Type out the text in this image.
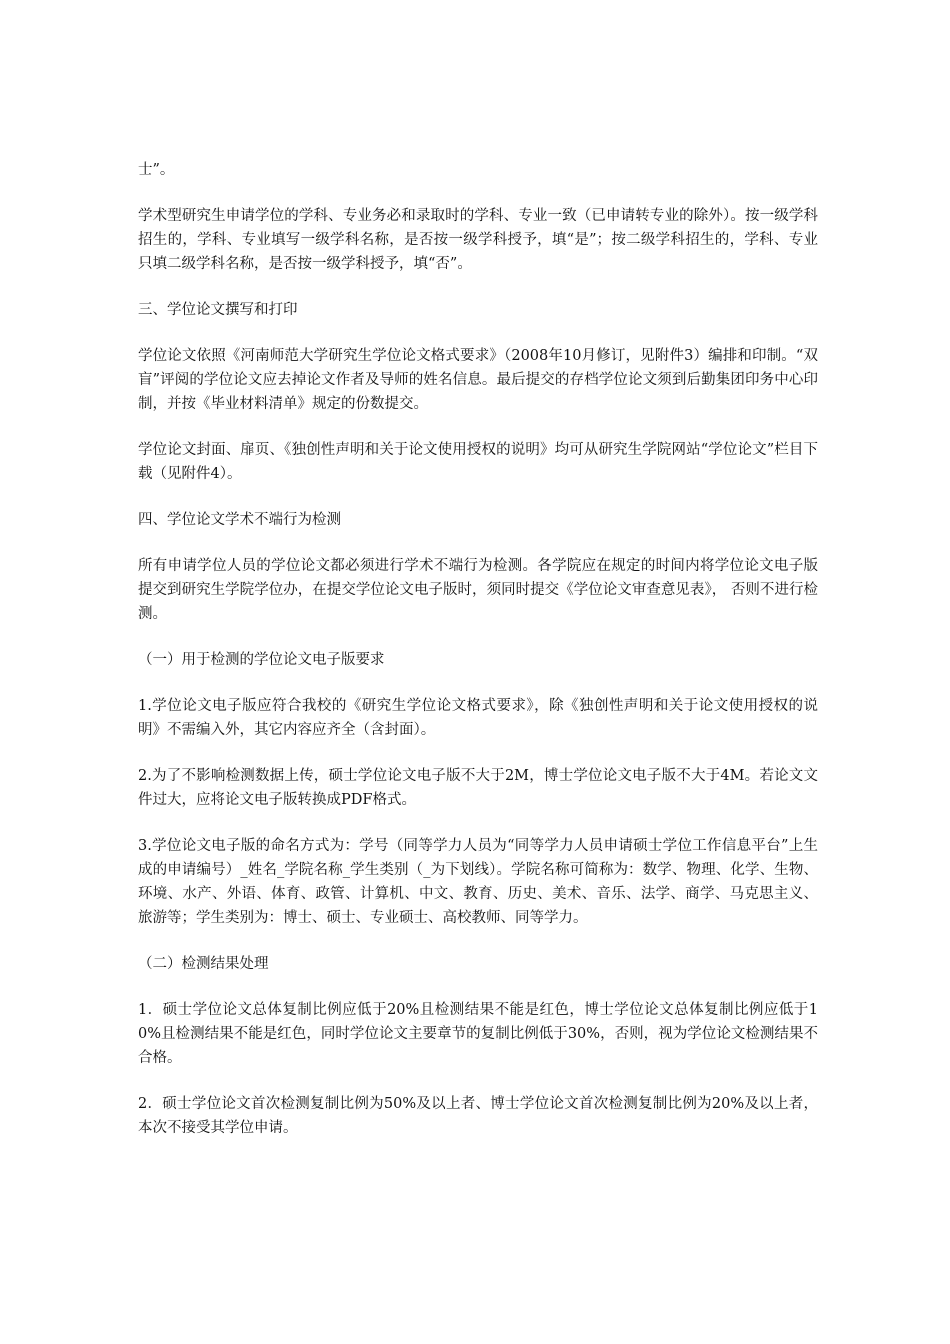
士”。

学术型研究生申请学位的学科、专业务必和录取时的学科、专业一致（已申请转专业的除外）。按一级学科招生的，学科、专业填写一级学科名称，是否按一级学科授予，填“是”；按二级学科招生的，学科、专业只填二级学科名称，是否按一级学科授予，填“否”。

三、学位论文撰写和打印

学位论文依照《河南师范大学研究生学位论文格式要求》（2008年10月修订，见附件3）编排和印制。“双盲”评阅的学位论文应去掉论文作者及导师的姓名信息。最后提交的存档学位论文须到后勤集团印务中心印制，并按《毕业材料清单》规定的份数提交。

学位论文封面、扉页、《独创性声明和关于论文使用授权的说明》均可从研究生学院网站“学位论文”栏目下载（见附件4）。

四、学位论文学术不端行为检测

所有申请学位人员的学位论文都必须进行学术不端行为检测。各学院应在规定的时间内将学位论文电子版提交到研究生学院学位办，在提交学位论文电子版时，须同时提交《学位论文审查意见表》， 否则不进行检测。

（一）用于检测的学位论文电子版要求

1.学位论文电子版应符合我校的《研究生学位论文格式要求》，除《独创性声明和关于论文使用授权的说明》不需编入外，其它内容应齐全（含封面）。

2.为了不影响检测数据上传，硕士学位论文电子版不大于2M，博士学位论文电子版不大于4M。若论文文件过大，应将论文电子版转换成PDF格式。

3.学位论文电子版的命名方式为：学号（同等学力人员为“同等学力人员申请硕士学位工作信息平台”上生成的申请编号）_姓名_学院名称_学生类别（_为下划线）。学院名称可简称为：数学、物理、化学、生物、环境、水产、外语、体育、政管、计算机、中文、教育、历史、美术、音乐、法学、商学、马克思主义、旅游等；学生类别为：博士、硕士、专业硕士、高校教师、同等学力。

（二）检测结果处理

1．硕士学位论文总体复制比例应低于20%且检测结果不能是红色，博士学位论文总体复制比例应低于10%且检测结果不能是红色，同时学位论文主要章节的复制比例低于30%，否则，视为学位论文检测结果不合格。

2．硕士学位论文首次检测复制比例为50%及以上者、博士学位论文首次检测复制比例为20%及以上者，本次不接受其学位申请。
